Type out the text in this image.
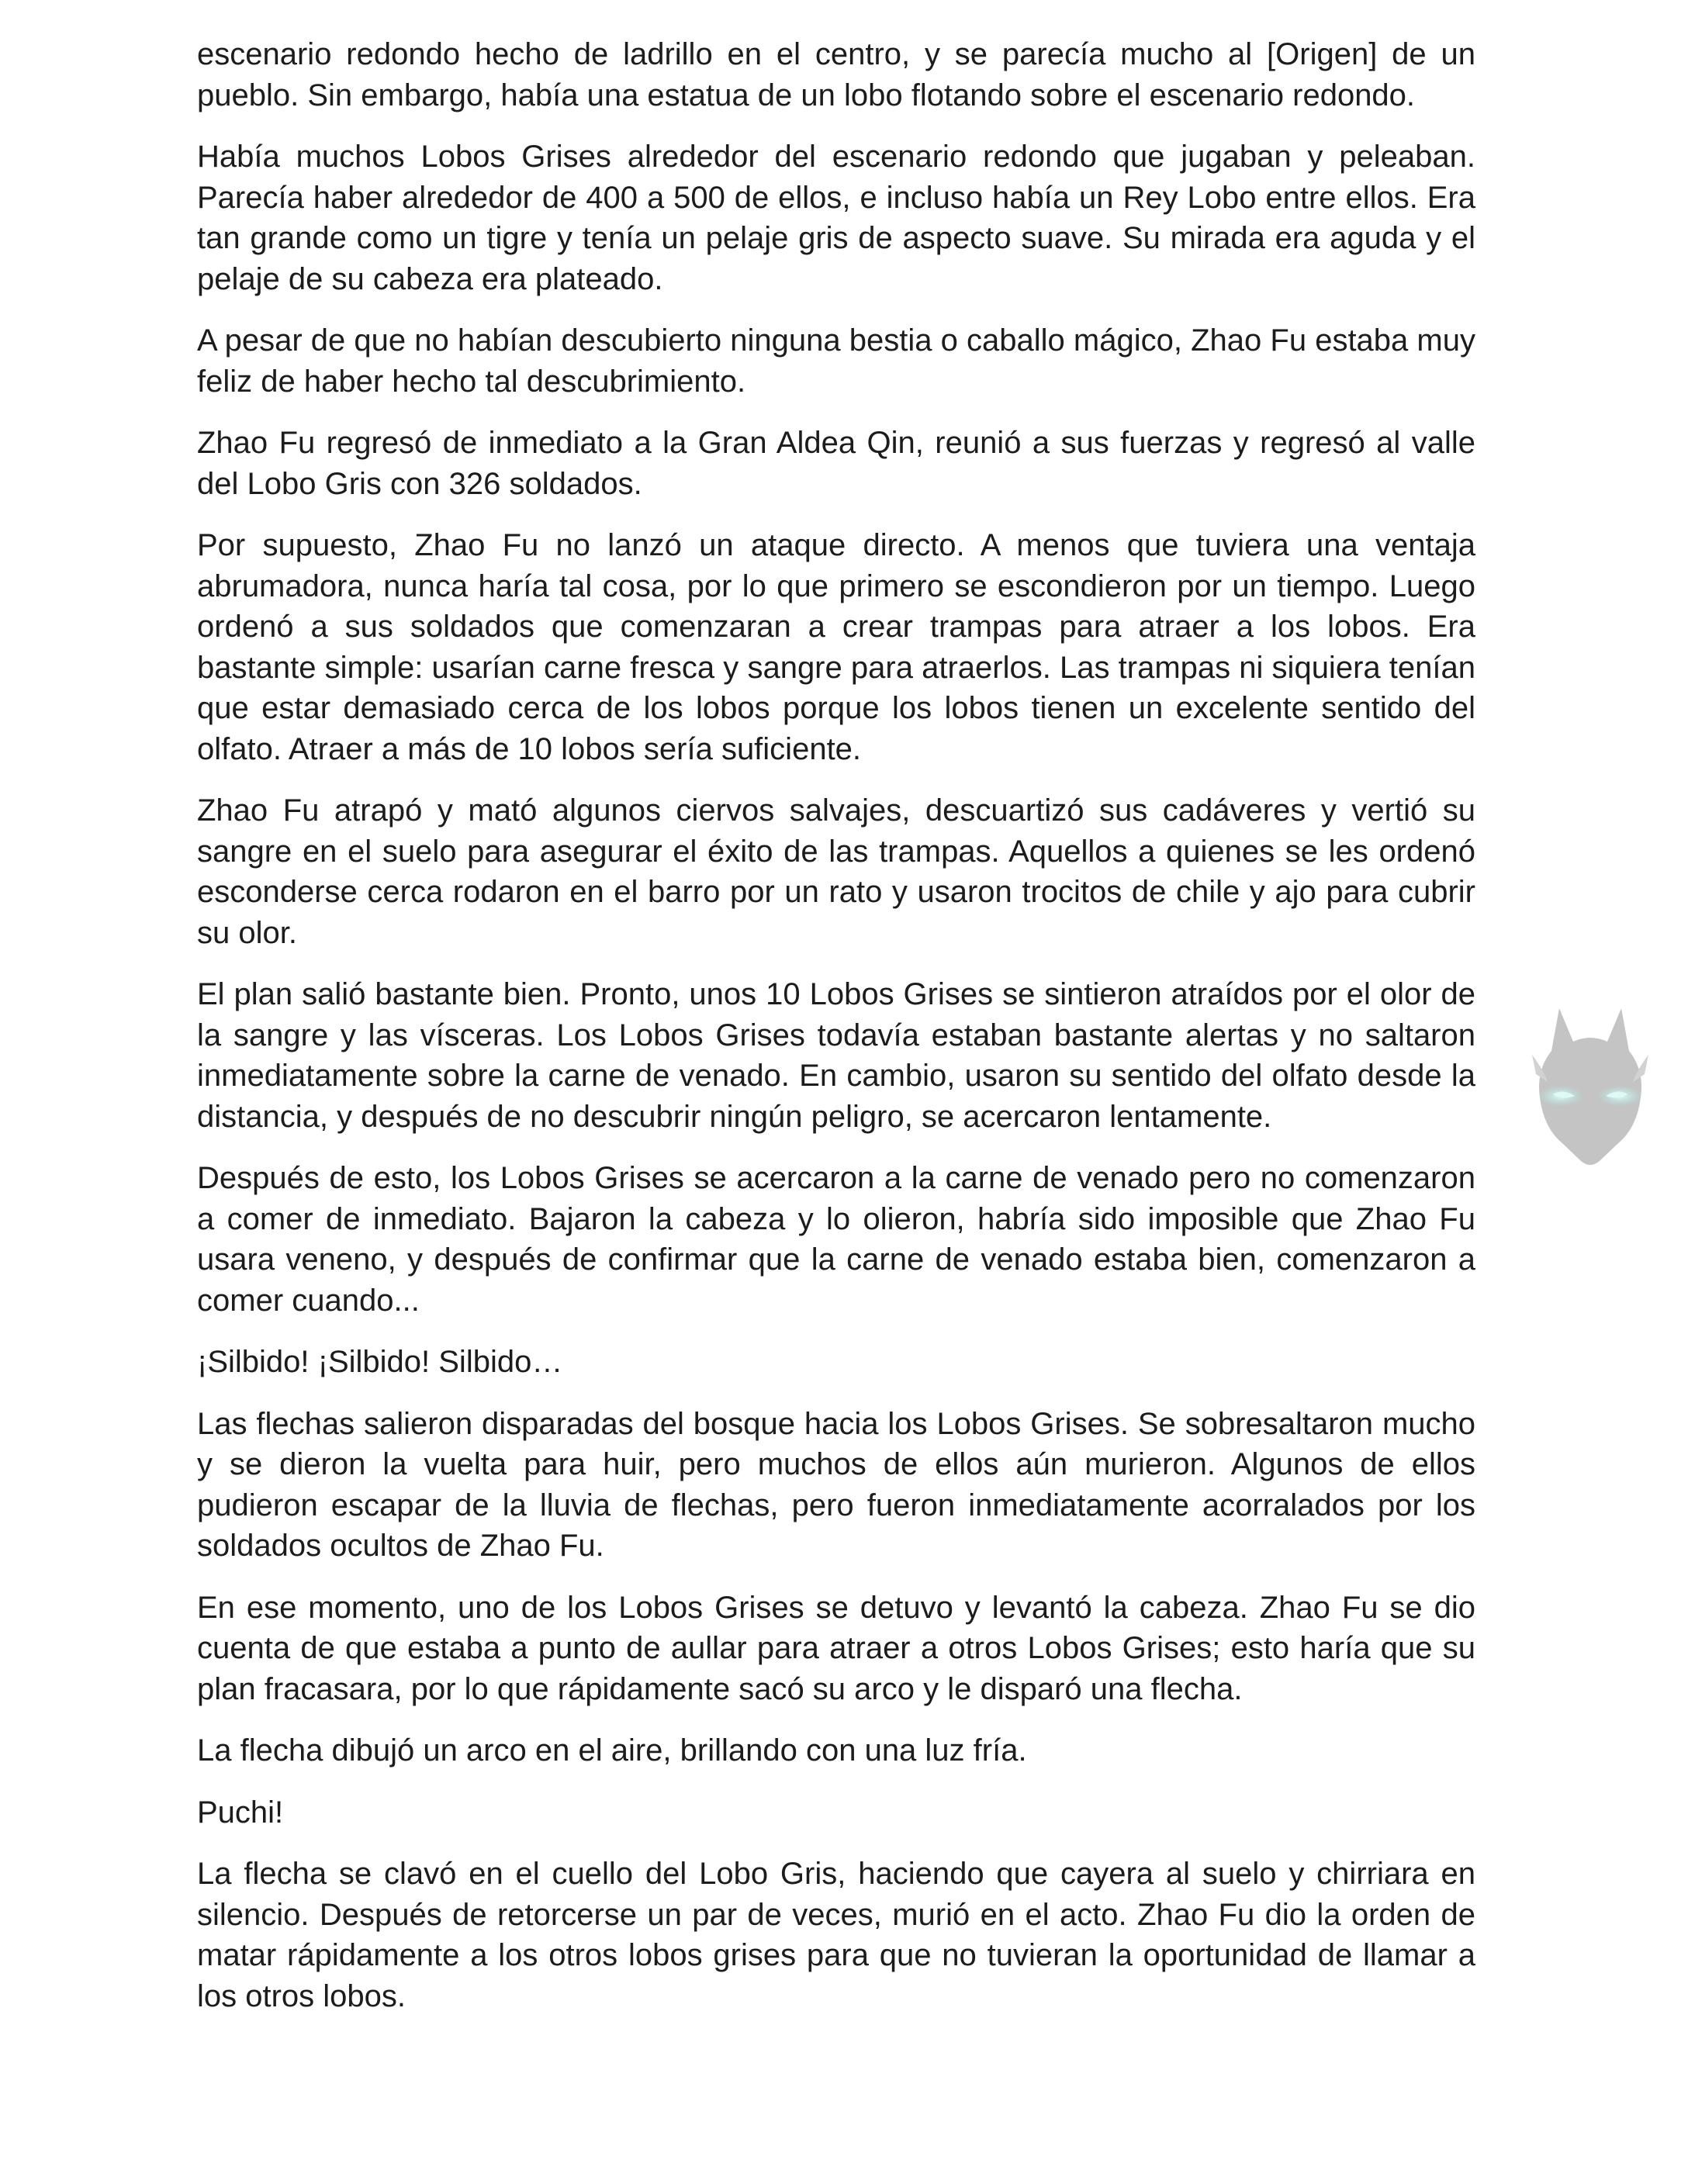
escenario redondo hecho de ladrillo en el centro, y se parecía mucho al [Origen] de un pueblo. Sin embargo, había una estatua de un lobo flotando sobre el escenario redondo.

Había muchos Lobos Grises alrededor del escenario redondo que jugaban y peleaban. Parecía haber alrededor de 400 a 500 de ellos, e incluso había un Rey Lobo entre ellos. Era tan grande como un tigre y tenía un pelaje gris de aspecto suave. Su mirada era aguda y el pelaje de su cabeza era plateado.

A pesar de que no habían descubierto ninguna bestia o caballo mágico, Zhao Fu estaba muy feliz de haber hecho tal descubrimiento.

Zhao Fu regresó de inmediato a la Gran Aldea Qin, reunió a sus fuerzas y regresó al valle del Lobo Gris con 326 soldados.

Por supuesto, Zhao Fu no lanzó un ataque directo. A menos que tuviera una ventaja abrumadora, nunca haría tal cosa, por lo que primero se escondieron por un tiempo. Luego ordenó a sus soldados que comenzaran a crear trampas para atraer a los lobos. Era bastante simple: usarían carne fresca y sangre para atraerlos. Las trampas ni siquiera tenían que estar demasiado cerca de los lobos porque los lobos tienen un excelente sentido del olfato. Atraer a más de 10 lobos sería suficiente.

Zhao Fu atrapó y mató algunos ciervos salvajes, descuartizó sus cadáveres y vertió su sangre en el suelo para asegurar el éxito de las trampas. Aquellos a quienes se les ordenó esconderse cerca rodaron en el barro por un rato y usaron trocitos de chile y ajo para cubrir su olor.

El plan salió bastante bien. Pronto, unos 10 Lobos Grises se sintieron atraídos por el olor de la sangre y las vísceras. Los Lobos Grises todavía estaban bastante alertas y no saltaron inmediatamente sobre la carne de venado. En cambio, usaron su sentido del olfato desde la distancia, y después de no descubrir ningún peligro, se acercaron lentamente.

Después de esto, los Lobos Grises se acercaron a la carne de venado pero no comenzaron a comer de inmediato. Bajaron la cabeza y lo olieron, habría sido imposible que Zhao Fu usara veneno, y después de confirmar que la carne de venado estaba bien, comenzaron a comer cuando...

¡Silbido! ¡Silbido! Silbido…

Las flechas salieron disparadas del bosque hacia los Lobos Grises. Se sobresaltaron mucho y se dieron la vuelta para huir, pero muchos de ellos aún murieron. Algunos de ellos pudieron escapar de la lluvia de flechas, pero fueron inmediatamente acorralados por los soldados ocultos de Zhao Fu.

En ese momento, uno de los Lobos Grises se detuvo y levantó la cabeza. Zhao Fu se dio cuenta de que estaba a punto de aullar para atraer a otros Lobos Grises; esto haría que su plan fracasara, por lo que rápidamente sacó su arco y le disparó una flecha.

La flecha dibujó un arco en el aire, brillando con una luz fría.

Puchi!

La flecha se clavó en el cuello del Lobo Gris, haciendo que cayera al suelo y chirriara en silencio. Después de retorcerse un par de veces, murió en el acto. Zhao Fu dio la orden de matar rápidamente a los otros lobos grises para que no tuvieran la oportunidad de llamar a los otros lobos.
